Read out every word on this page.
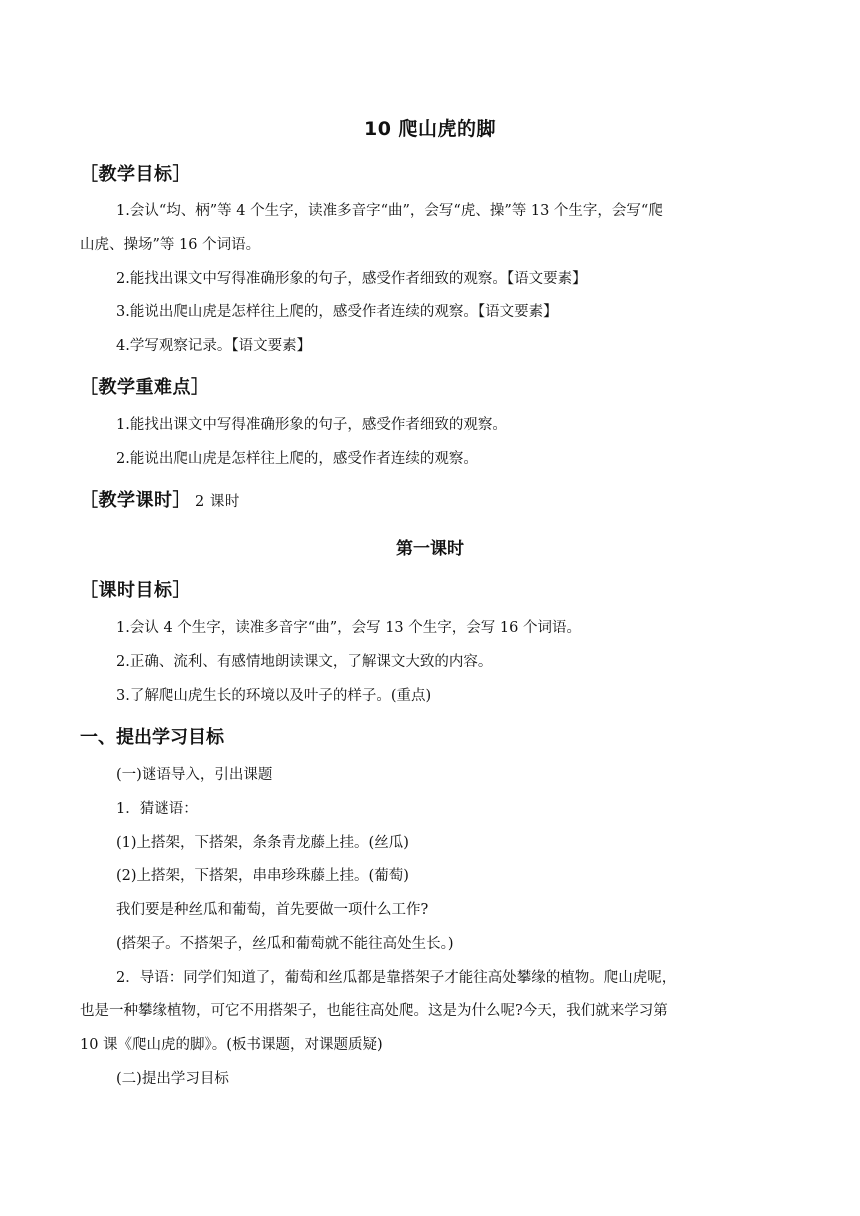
10 爬山虎的脚
［教学目标］
1.会认“均、柄”等 4 个生字，读准多音字“曲”，会写“虎、操”等 13 个生字，会写“爬
山虎、操场”等 16 个词语。
2.能找出课文中写得准确形象的句子，感受作者细致的观察。【语文要素】
3.能说出爬山虎是怎样往上爬的，感受作者连续的观察。【语文要素】
4.学写观察记录。【语文要素】
［教学重难点］
1.能找出课文中写得准确形象的句子，感受作者细致的观察。
2.能说出爬山虎是怎样往上爬的，感受作者连续的观察。
［教学课时］ 2 课时
第一课时
［课时目标］
1.会认 4 个生字，读准多音字“曲”，会写 13 个生字，会写 16 个词语。
2.正确、流利、有感情地朗读课文，了解课文大致的内容。
3.了解爬山虎生长的环境以及叶子的样子。(重点)
一、提出学习目标
(一)谜语导入，引出课题
1．猜谜语：
(1)上搭架，下搭架，条条青龙藤上挂。(丝瓜)
(2)上搭架，下搭架，串串珍珠藤上挂。(葡萄)
我们要是种丝瓜和葡萄，首先要做一项什么工作?
(搭架子。不搭架子，丝瓜和葡萄就不能往高处生长。)
2．导语：同学们知道了，葡萄和丝瓜都是靠搭架子才能往高处攀缘的植物。爬山虎呢，
也是一种攀缘植物，可它不用搭架子，也能往高处爬。这是为什么呢?今天，我们就来学习第
10 课《爬山虎的脚》。(板书课题，对课题质疑)
(二)提出学习目标
